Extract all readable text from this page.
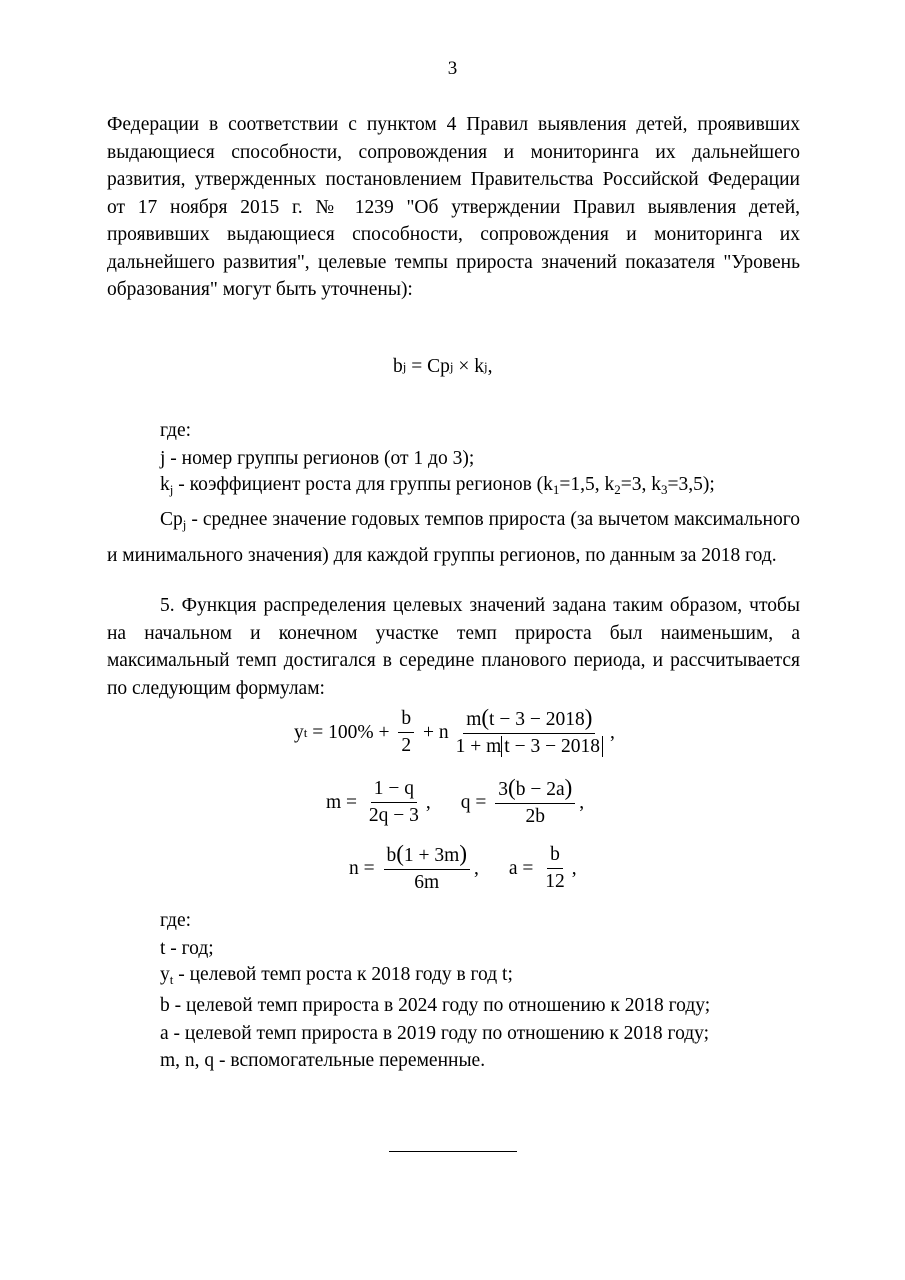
3
Федерации в соответствии с пунктом 4 Правил выявления детей, проявивших выдающиеся способности, сопровождения и мониторинга их дальнейшего развития, утвержденных постановлением Правительства Российской Федерации от 17 ноября 2015 г. № 1239 "Об утверждении Правил выявления детей, проявивших выдающиеся способности, сопровождения и мониторинга их дальнейшего развития", целевые темпы прироста значений показателя "Уровень образования" могут быть уточнены):
b j = Cp j × k j ,
где:
j - номер группы регионов (от 1 до 3);
$k_j$ - коэффициент роста для группы регионов ($k_1=1,5$, $k_2=3$, $k_3=3,5$);
$Cp_j$ - среднее значение годовых темпов прироста (за вычетом максимального и минимального значения) для каждой группы регионов, по данным за 2018 год.
5. Функция распределения целевых значений задана таким образом, чтобы на начальном и конечном участке темп прироста был наименьшим, а максимальный темп достигался в середине планового периода, и рассчитывается по следующим формулам:
y $t = 100\% + \frac{b}{2} + n \frac{m(t - 3 - 2018)}{\text{1 + m t − 3 − 2018}}$ ,
$m = \frac{1 - q}{2q - 3}$ , $q = \frac{3(b - 2a)}{2b}$ ,
$n = \frac{b(1 + 3m)}{6m}$ , $a = \frac{b}{12}$ ,
где:
t - год;
$y_t$ - целевой темп роста к 2018 году в год t;
b - целевой темп прироста в 2024 году по отношению к 2018 году;
a - целевой темп прироста в 2019 году по отношению к 2018 году;
m, n, q - вспомогательные переменные.
